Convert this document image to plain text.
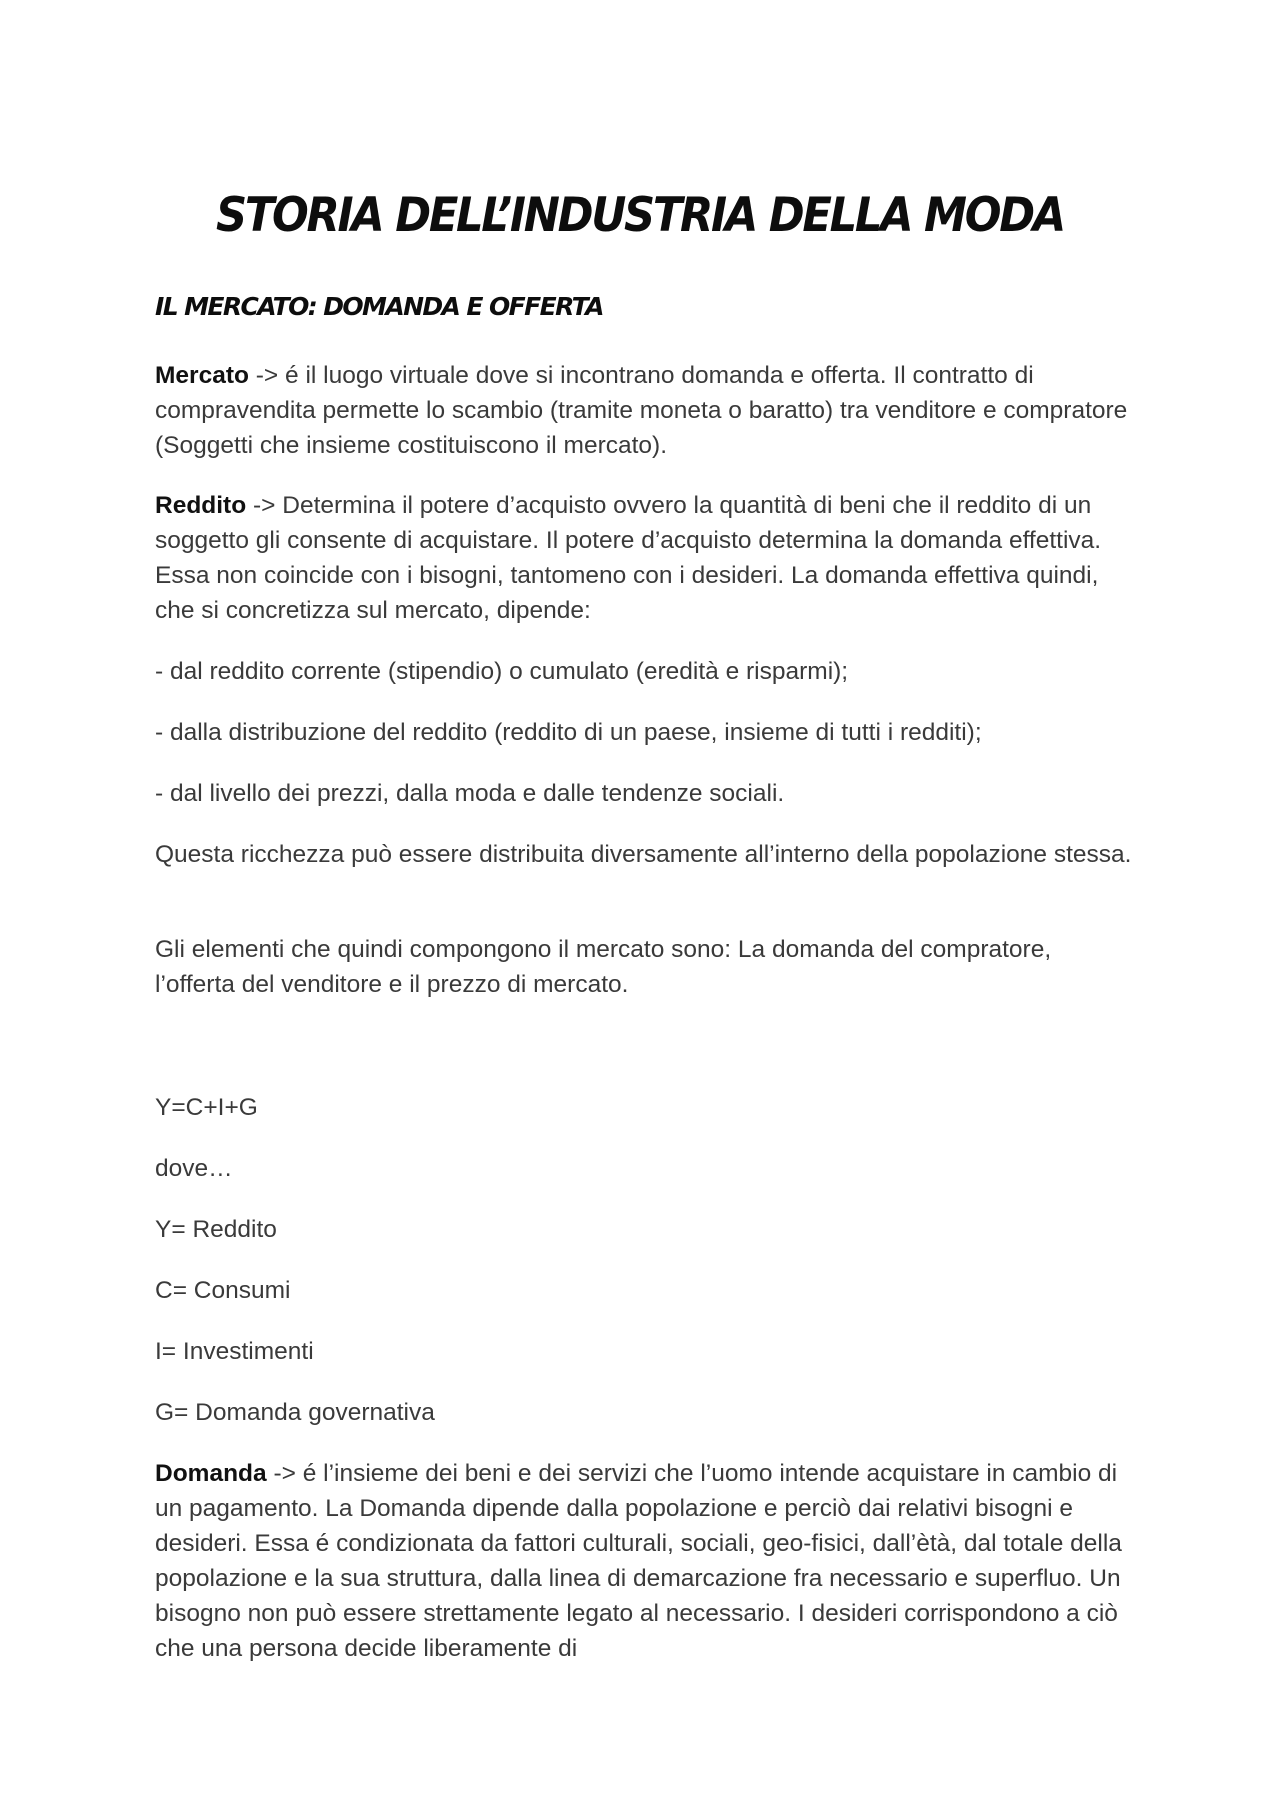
STORIA DELL’INDUSTRIA DELLA MODA
IL MERCATO: DOMANDA E OFFERTA

Mercato -> é il luogo virtuale dove si incontrano domanda e offerta. Il contratto di compravendita permette lo scambio (tramite moneta o baratto) tra venditore e compratore (Soggetti che insieme costituiscono il mercato).

Reddito -> Determina il potere d’acquisto ovvero la quantità di beni che il reddito di un soggetto gli consente di acquistare. Il potere d’acquisto determina la domanda effettiva. Essa non coincide con i bisogni, tantomeno con i desideri. La domanda effettiva quindi, che si concretizza sul mercato, dipende:

- dal reddito corrente (stipendio) o cumulato (eredità e risparmi);

- dalla distribuzione del reddito (reddito di un paese, insieme di tutti i redditi);

- dal livello dei prezzi, dalla moda e dalle tendenze sociali.

Questa ricchezza può essere distribuita diversamente all’interno della popolazione stessa.

Gli elementi che quindi compongono il mercato sono: La domanda del compratore, l’offerta del venditore e il prezzo di mercato.

Y=C+I+G

dove…

Y= Reddito

C= Consumi

I= Investimenti

G= Domanda governativa

Domanda -> é l’insieme dei beni e dei servizi che l’uomo intende acquistare in cambio di un pagamento. La Domanda dipende dalla popolazione e perciò dai relativi bisogni e desideri. Essa é condizionata da fattori culturali, sociali, geo-fisici, dall’ètà, dal totale della popolazione e la sua struttura, dalla linea di demarcazione fra necessario e superfluo. Un bisogno non può essere strettamente legato al necessario. I desideri corrispondono a ciò che una persona decide liberamente di
